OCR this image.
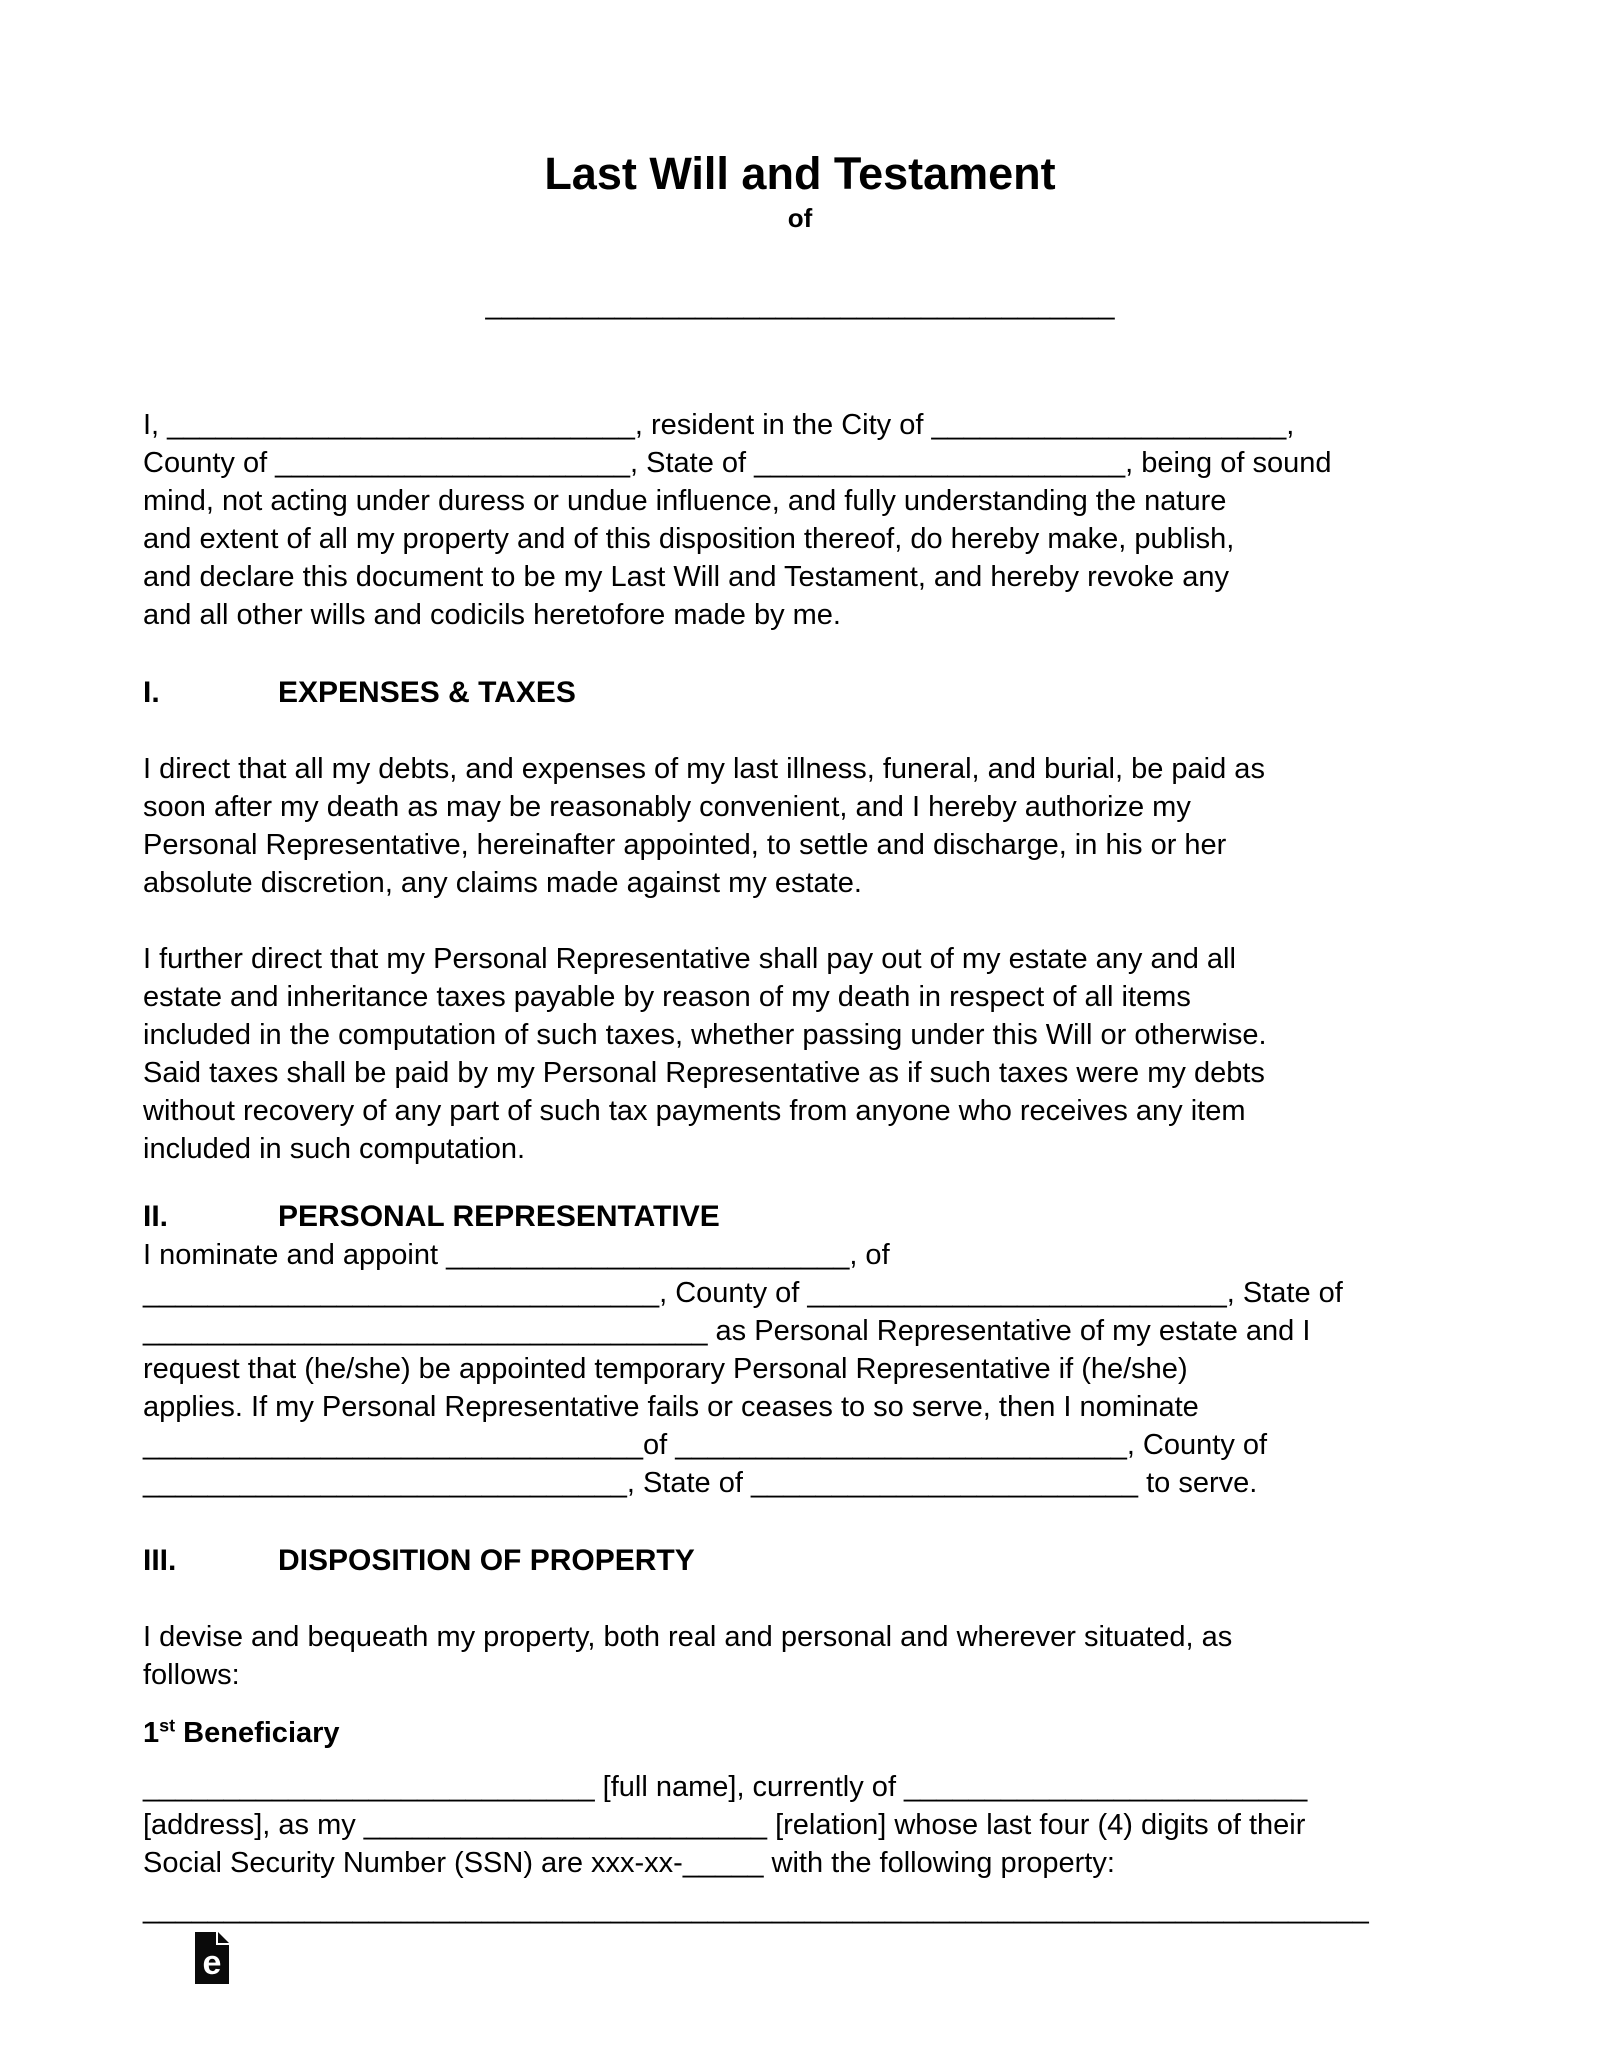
Last Will and Testament
of
_______________________________________
I, _____________________________, resident in the City of ______________________,
County of ______________________, State of _______________________, being of sound
mind, not acting under duress or undue influence, and fully understanding the nature
and extent of all my property and of this disposition thereof, do hereby make, publish,
and declare this document to be my Last Will and Testament, and hereby revoke any
and all other wills and codicils heretofore made by me.
I.	EXPENSES & TAXES
I direct that all my debts, and expenses of my last illness, funeral, and burial, be paid as
soon after my death as may be reasonably convenient, and I hereby authorize my
Personal Representative, hereinafter appointed, to settle and discharge, in his or her
absolute discretion, any claims made against my estate.
I further direct that my Personal Representative shall pay out of my estate any and all
estate and inheritance taxes payable by reason of my death in respect of all items
included in the computation of such taxes, whether passing under this Will or otherwise.
Said taxes shall be paid by my Personal Representative as if such taxes were my debts
without recovery of any part of such tax payments from anyone who receives any item
included in such computation.
II.	PERSONAL REPRESENTATIVE
I nominate and appoint _________________________, of
________________________________, County of __________________________, State of
___________________________________ as Personal Representative of my estate and I
request that (he/she) be appointed temporary Personal Representative if (he/she)
applies. If my Personal Representative fails or ceases to so serve, then I nominate
_______________________________of ____________________________, County of
______________________________, State of ________________________ to serve.
III.	DISPOSITION OF PROPERTY
I devise and bequeath my property, both real and personal and wherever situated, as
follows:
1st Beneficiary
____________________________ [full name], currently of _________________________
[address], as my _________________________ [relation] whose last four (4) digits of their
Social Security Number (SSN) are xxx-xx-_____ with the following property:
____________________________________________________________________________
e
